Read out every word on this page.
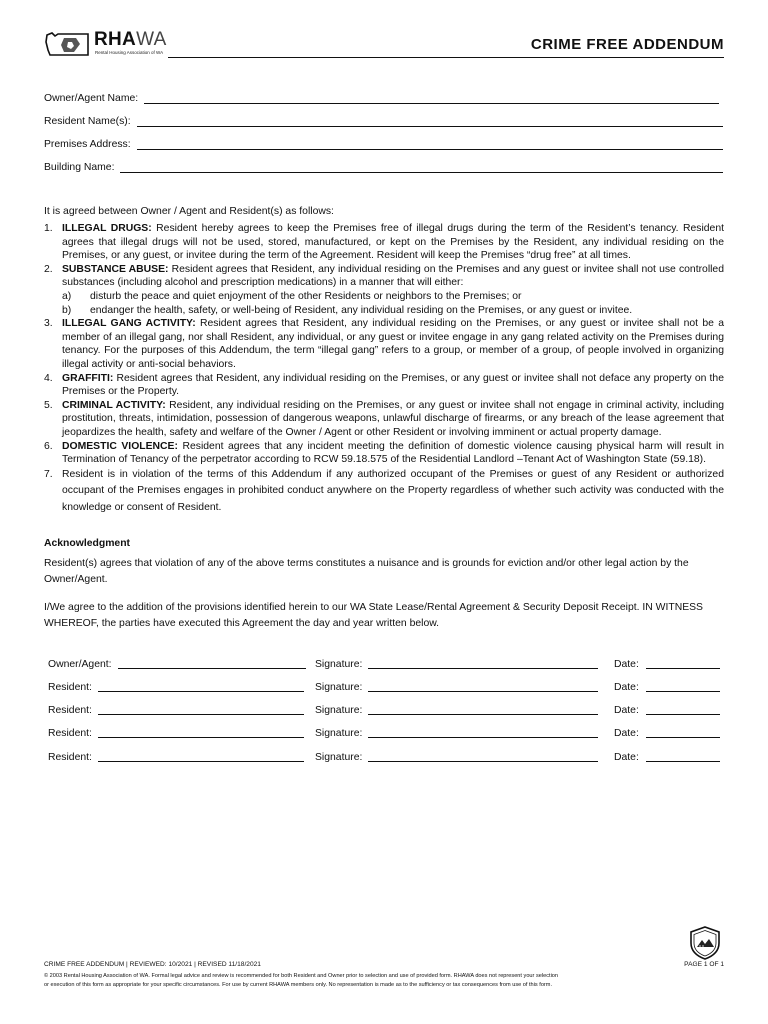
RHAWA
Rental Housing Association of WA	CRIME FREE ADDENDUM
Owner/Agent Name:
Resident Name(s):
Premises Address:
Building Name:
It is agreed between Owner / Agent and Resident(s) as follows:
1. ILLEGAL DRUGS: Resident hereby agrees to keep the Premises free of illegal drugs during the term of the Resident’s tenancy. Resident agrees that illegal drugs will not be used, stored, manufactured, or kept on the Premises by the Resident, any individual residing on the Premises, or any guest, or invitee during the term of the Agreement. Resident will keep the Premises “drug free” at all times.
2. SUBSTANCE ABUSE: Resident agrees that Resident, any individual residing on the Premises and any guest or invitee shall not use controlled substances (including alcohol and prescription medications) in a manner that will either:
a) disturb the peace and quiet enjoyment of the other Residents or neighbors to the Premises; or
b) endanger the health, safety, or well-being of Resident, any individual residing on the Premises, or any guest or invitee.
3. ILLEGAL GANG ACTIVITY: Resident agrees that Resident, any individual residing on the Premises, or any guest or invitee shall not be a member of an illegal gang, nor shall Resident, any individual, or any guest or invitee engage in any gang related activity on the Premises during tenancy. For the purposes of this Addendum, the term “illegal gang” refers to a group, or member of a group, of people involved in organizing illegal activity or anti-social behaviors.
4. GRAFFITI: Resident agrees that Resident, any individual residing on the Premises, or any guest or invitee shall not deface any property on the Premises or the Property.
5. CRIMINAL ACTIVITY: Resident, any individual residing on the Premises, or any guest or invitee shall not engage in criminal activity, including prostitution, threats, intimidation, possession of dangerous weapons, unlawful discharge of firearms, or any breach of the lease agreement that jeopardizes the health, safety and welfare of the Owner / Agent or other Resident or involving imminent or actual property damage.
6. DOMESTIC VIOLENCE: Resident agrees that any incident meeting the definition of domestic violence causing physical harm will result in Termination of Tenancy of the perpetrator according to RCW 59.18.575 of the Residential Landlord –Tenant Act of Washington State (59.18).
7. Resident is in violation of the terms of this Addendum if any authorized occupant of the Premises or guest of any Resident or authorized occupant of the Premises engages in prohibited conduct anywhere on the Property regardless of whether such activity was conducted with the knowledge or consent of Resident.
Acknowledgment
Resident(s) agrees that violation of any of the above terms constitutes a nuisance and is grounds for eviction and/or other legal action by the Owner/Agent.
I/We agree to the addition of the provisions identified herein to our WA State Lease/Rental Agreement & Security Deposit Receipt. IN WITNESS WHEREOF, the parties have executed this Agreement the day and year written below.
Owner/Agent:	Signature:	Date:
Resident:	Signature:	Date:
Resident:	Signature:	Date:
Resident:	Signature:	Date:
Resident:	Signature:	Date:
CRIME FREE ADDENDUM | REVIEWED: 10/2021 | REVISED 11/18/2021	PAGE 1 OF 1
© 2003 Rental Housing Association of WA. Formal legal advice and review is recommended for both Resident and Owner prior to selection and use of provided form. RHAWA does not represent your selection
or execution of this form as appropriate for your specific circumstances. For use by current RHAWA members only. No representation is made as to the sufficiency or tax consequences from use of this form.
